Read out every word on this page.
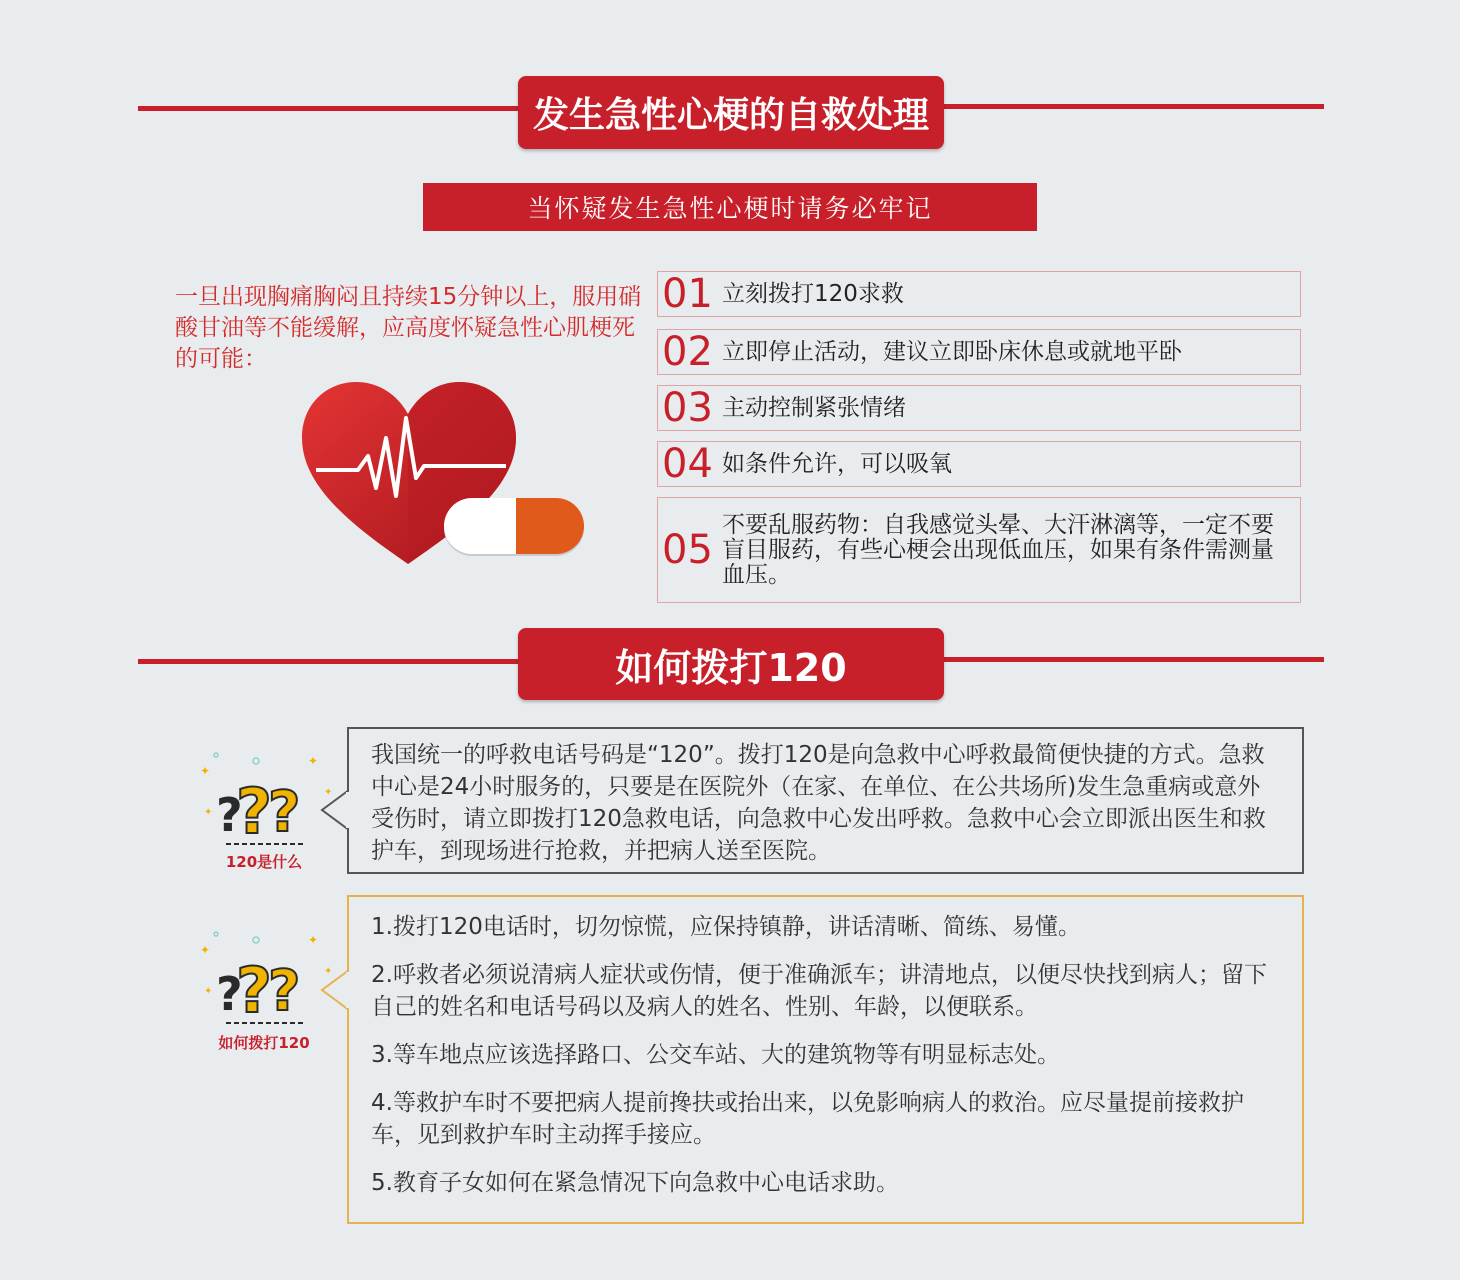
发生急性心梗的自救处理
当怀疑发生急性心梗时请务必牢记
一旦出现胸痛胸闷且持续15分钟以上，服用硝酸甘油等不能缓解，应高度怀疑急性心肌梗死的可能：
01 立刻拨打120求救
02 立即停止活动，建议立即卧床休息或就地平卧
03 主动控制紧张情绪
04 如条件允许，可以吸氧
05
不要乱服药物：自我感觉头晕、大汗淋漓等，一定不要盲目服药，有些心梗会出现低血压，如果有条件需测量血压。
如何拨打120
?
?
?
✦
✦
✦
✦
120是什么
我国统一的呼救电话号码是“120”。拨打120是向急救中心呼救最简便快捷的方式。急救中心是24小时服务的，只要是在医院外（在家、在单位、在公共场所)发生急重病或意外受伤时，请立即拨打120急救电话，向急救中心发出呼救。急救中心会立即派出医生和救护车，到现场进行抢救，并把病人送至医院。
?
?
?
✦
✦
✦
✦
如何拨打120

1.拨打120电话时，切勿惊慌，应保持镇静，讲话清晰、简练、易懂。

2.呼救者必须说清病人症状或伤情，便于准确派车；讲清地点，以便尽快找到病人；留下自己的姓名和电话号码以及病人的姓名、性别、年龄，以便联系。

3.等车地点应该选择路口、公交车站、大的建筑物等有明显标志处。

4.等救护车时不要把病人提前搀扶或抬出来，以免影响病人的救治。应尽量提前接救护车，见到救护车时主动挥手接应。

5.教育子女如何在紧急情况下向急救中心电话求助。
